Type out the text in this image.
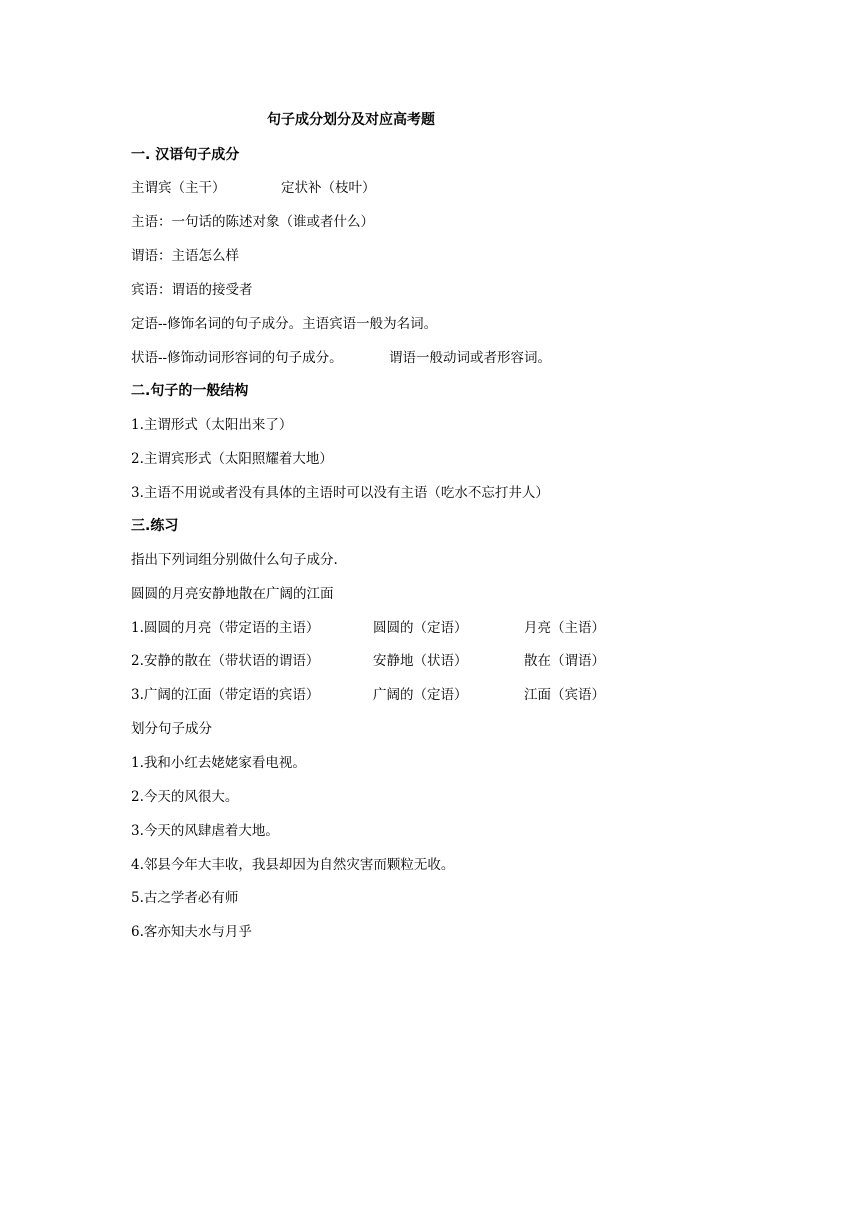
句子成分划分及对应高考题
一. 汉语句子成分
主谓宾（主干）	定状补（枝叶）
主语：一句话的陈述对象（谁或者什么）
谓语：主语怎么样
宾语：谓语的接受者
定语--修饰名词的句子成分。主语宾语一般为名词。
状语--修饰动词形容词的句子成分。	谓语一般动词或者形容词。
二.句子的一般结构
1.主谓形式（太阳出来了）
2.主谓宾形式（太阳照耀着大地）
3.主语不用说或者没有具体的主语时可以没有主语（吃水不忘打井人）
三.练习
指出下列词组分别做什么句子成分.
圆圆的月亮安静地散在广阔的江面
1.圆圆的月亮（带定语的主语）	圆圆的（定语）	月亮（主语）
2.安静的散在（带状语的谓语）	安静地（状语）	散在（谓语）
3.广阔的江面（带定语的宾语）	广阔的（定语）	江面（宾语）
划分句子成分
1.我和小红去姥姥家看电视。
2.今天的风很大。
3.今天的风肆虐着大地。
4.邻县今年大丰收，我县却因为自然灾害而颗粒无收。
5.古之学者必有师
6.客亦知夫水与月乎
